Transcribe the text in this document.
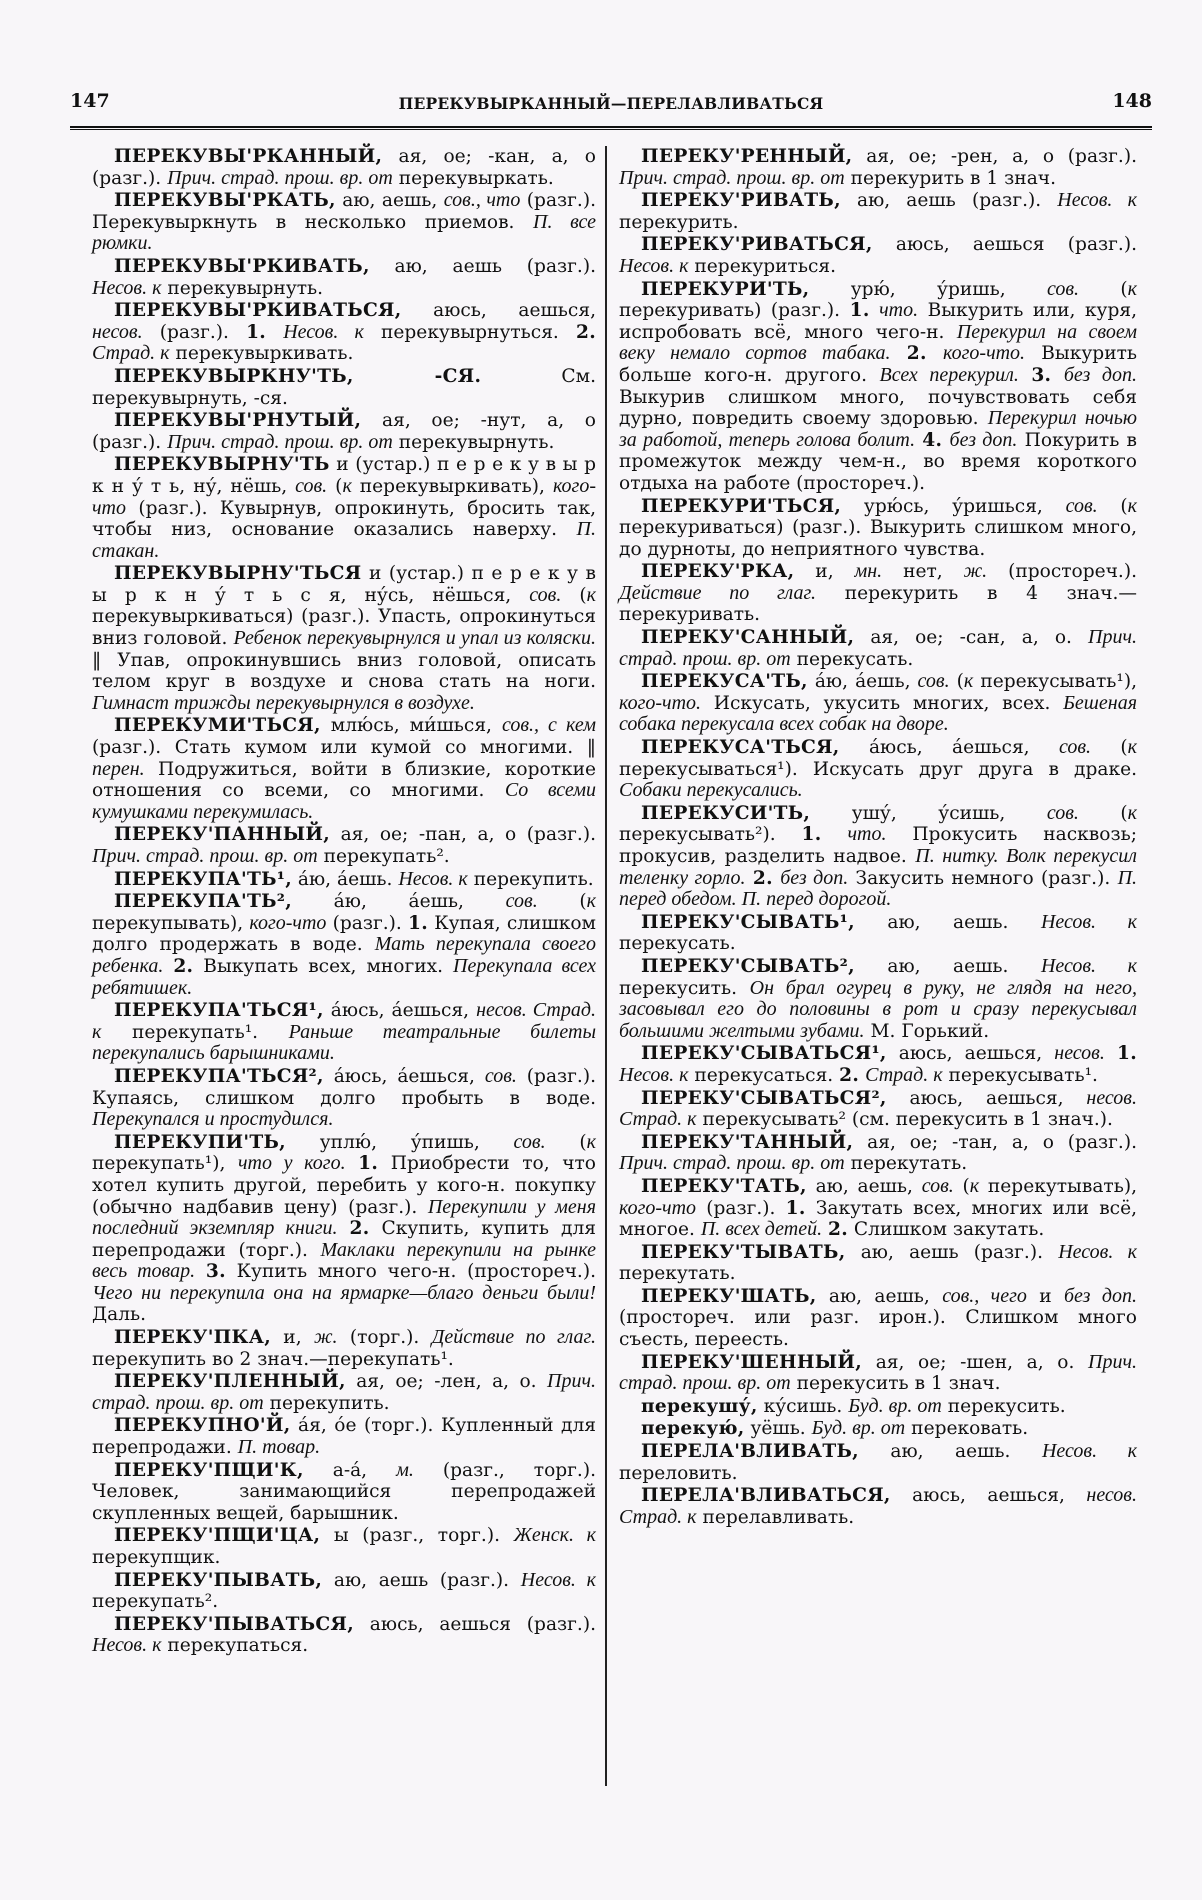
147	ПЕРЕКУВЫРКАННЫЙ—ПЕРЕЛАВЛИВАТЬСЯ	148

ПЕРЕКУВЫ'РКАННЫЙ, ая, ое; -кан, а, о (разг.). Прич. страд. прош. вр. от перекувыркать.

ПЕРЕКУВЫ'РКАТЬ, аю, аешь, сов., что (разг.). Перекувыркнуть в несколько приемов. П. все рюмки.

ПЕРЕКУВЫ'РКИВАТЬ, аю, аешь (разг.). Несов. к перекувырнуть.

ПЕРЕКУВЫ'РКИВАТЬСЯ, аюсь, аешься, несов. (разг.). 1. Несов. к перекувырнуться. 2. Страд. к перекувыркивать.

ПЕРЕКУВЫРКНУ'ТЬ, -СЯ. См. перекувырнуть, -ся.

ПЕРЕКУВЫ'РНУТЫЙ, ая, ое; -нут, а, о (разг.). Прич. страд. прош. вр. от перекувырнуть.

ПЕРЕКУВЫРНУ'ТЬ и (устар.) п е р е к у в ы р к н у́ т ь, ну́, нёшь, сов. (к перекувыркивать), кого-что (разг.). Кувырнув, опрокинуть, бросить так, чтобы низ, основание оказались наверху. П. стакан.

ПЕРЕКУВЫРНУ'ТЬСЯ и (устар.) п е р е к у в ы р к н у́ т ь с я, ну́сь, нёшься, сов. (к перекувыркиваться) (разг.). Упасть, опрокинуться вниз головой. Ребенок перекувырнулся и упал из коляски. ‖ Упав, опрокинувшись вниз головой, описать телом круг в воздухе и снова стать на ноги. Гимнаст трижды перекувырнулся в воздухе.

ПЕРЕКУМИ'ТЬСЯ, млю́сь, ми́шься, сов., с кем (разг.). Стать кумом или кумой со многими. ‖ перен. Подружиться, войти в близкие, короткие отношения со всеми, со многими. Со всеми кумушками перекумилась.

ПЕРЕКУ'ПАННЫЙ, ая, ое; -пан, а, о (разг.). Прич. страд. прош. вр. от перекупать².

ПЕРЕКУПА'ТЬ¹, а́ю, а́ешь. Несов. к перекупить.

ПЕРЕКУПА'ТЬ², а́ю, а́ешь, сов. (к перекупывать), кого-что (разг.). 1. Купая, слишком долго продержать в воде. Мать перекупала своего ребенка. 2. Выкупать всех, многих. Перекупала всех ребятишек.

ПЕРЕКУПА'ТЬСЯ¹, а́юсь, а́ешься, несов. Страд. к перекупать¹. Раньше театральные билеты перекупались барышниками.

ПЕРЕКУПА'ТЬСЯ², а́юсь, а́ешься, сов. (разг.). Купаясь, слишком долго пробыть в воде. Перекупался и простудился.

ПЕРЕКУПИ'ТЬ, уплю́, у́пишь, сов. (к перекупать¹), что у кого. 1. Приобрести то, что хотел купить другой, перебить у кого-н. покупку (обычно надбавив цену) (разг.). Перекупили у меня последний экземпляр книги. 2. Скупить, купить для перепродажи (торг.). Маклаки перекупили на рынке весь товар. 3. Купить много чего-н. (простореч.). Чего ни перекупила она на ярмарке—благо деньги были! Даль.

ПЕРЕКУ'ПКА, и, ж. (торг.). Действие по глаг. перекупить во 2 знач.—перекупать¹.

ПЕРЕКУ'ПЛЕННЫЙ, ая, ое; -лен, а, о. Прич. страд. прош. вр. от перекупить.

ПЕРЕКУПНО'Й, а́я, о́е (торг.). Купленный для перепродажи. П. товар.

ПЕРЕКУ'ПЩИ'К, а-а́, м. (разг., торг.). Человек, занимающийся перепродажей скупленных вещей, барышник.

ПЕРЕКУ'ПЩИ'ЦА, ы (разг., торг.). Женск. к перекупщик.

ПЕРЕКУ'ПЫВАТЬ, аю, аешь (разг.). Несов. к перекупать².

ПЕРЕКУ'ПЫВАТЬСЯ, аюсь, аешься (разг.). Несов. к перекупаться.

ПЕРЕКУ'РЕННЫЙ, ая, ое; -рен, а, о (разг.). Прич. страд. прош. вр. от перекурить в 1 знач.

ПЕРЕКУ'РИВАТЬ, аю, аешь (разг.). Несов. к перекурить.

ПЕРЕКУ'РИВАТЬСЯ, аюсь, аешься (разг.). Несов. к перекуриться.

ПЕРЕКУРИ'ТЬ, урю́, у́ришь, сов. (к перекуривать) (разг.). 1. что. Выкурить или, куря, испробовать всё, много чего-н. Перекурил на своем веку немало сортов табака. 2. кого-что. Выкурить больше кого-н. другого. Всех перекурил. 3. без доп. Выкурив слишком много, почувствовать себя дурно, повредить своему здоровью. Перекурил ночью за работой, теперь голова болит. 4. без доп. Покурить в промежуток между чем-н., во время короткого отдыха на работе (простореч.).

ПЕРЕКУРИ'ТЬСЯ, урю́сь, у́ришься, сов. (к перекуриваться) (разг.). Выкурить слишком много, до дурноты, до неприятного чувства.

ПЕРЕКУ'РКА, и, мн. нет, ж. (простореч.). Действие по глаг. перекурить в 4 знач.—перекуривать.

ПЕРЕКУ'САННЫЙ, ая, ое; -сан, а, о. Прич. страд. прош. вр. от перекусать.

ПЕРЕКУСА'ТЬ, а́ю, а́ешь, сов. (к перекусывать¹), кого-что. Искусать, укусить многих, всех. Бешеная собака перекусала всех собак на дворе.

ПЕРЕКУСА'ТЬСЯ, а́юсь, а́ешься, сов. (к перекусываться¹). Искусать друг друга в драке. Собаки перекусались.

ПЕРЕКУСИ'ТЬ, ушу́, у́сишь, сов. (к перекусывать²). 1. что. Прокусить насквозь; прокусив, разделить надвое. П. нитку. Волк перекусил теленку горло. 2. без доп. Закусить немного (разг.). П. перед обедом. П. перед дорогой.

ПЕРЕКУ'СЫВАТЬ¹, аю, аешь. Несов. к перекусать.

ПЕРЕКУ'СЫВАТЬ², аю, аешь. Несов. к перекусить. Он брал огурец в руку, не глядя на него, засовывал его до половины в рот и сразу перекусывал большими желтыми зубами. М. Горький.

ПЕРЕКУ'СЫВАТЬСЯ¹, аюсь, аешься, несов. 1. Несов. к перекусаться. 2. Страд. к перекусывать¹.

ПЕРЕКУ'СЫВАТЬСЯ², аюсь, аешься, несов. Страд. к перекусывать² (см. перекусить в 1 знач.).

ПЕРЕКУ'ТАННЫЙ, ая, ое; -тан, а, о (разг.). Прич. страд. прош. вр. от перекутать.

ПЕРЕКУ'ТАТЬ, аю, аешь, сов. (к перекутывать), кого-что (разг.). 1. Закутать всех, многих или всё, многое. П. всех детей. 2. Слишком закутать.

ПЕРЕКУ'ТЫВАТЬ, аю, аешь (разг.). Несов. к перекутать.

ПЕРЕКУ'ШАТЬ, аю, аешь, сов., чего и без доп. (простореч. или разг. ирон.). Слишком много съесть, переесть.

ПЕРЕКУ'ШЕННЫЙ, ая, ое; -шен, а, о. Прич. страд. прош. вр. от перекусить в 1 знач.

перекушу́, ку́сишь. Буд. вр. от перекусить.

перекую́, уёшь. Буд. вр. от перековать.

ПЕРЕЛА'ВЛИВАТЬ, аю, аешь. Несов. к переловить.

ПЕРЕЛА'ВЛИВАТЬСЯ, аюсь, аешься, несов. Страд. к перелавливать.
